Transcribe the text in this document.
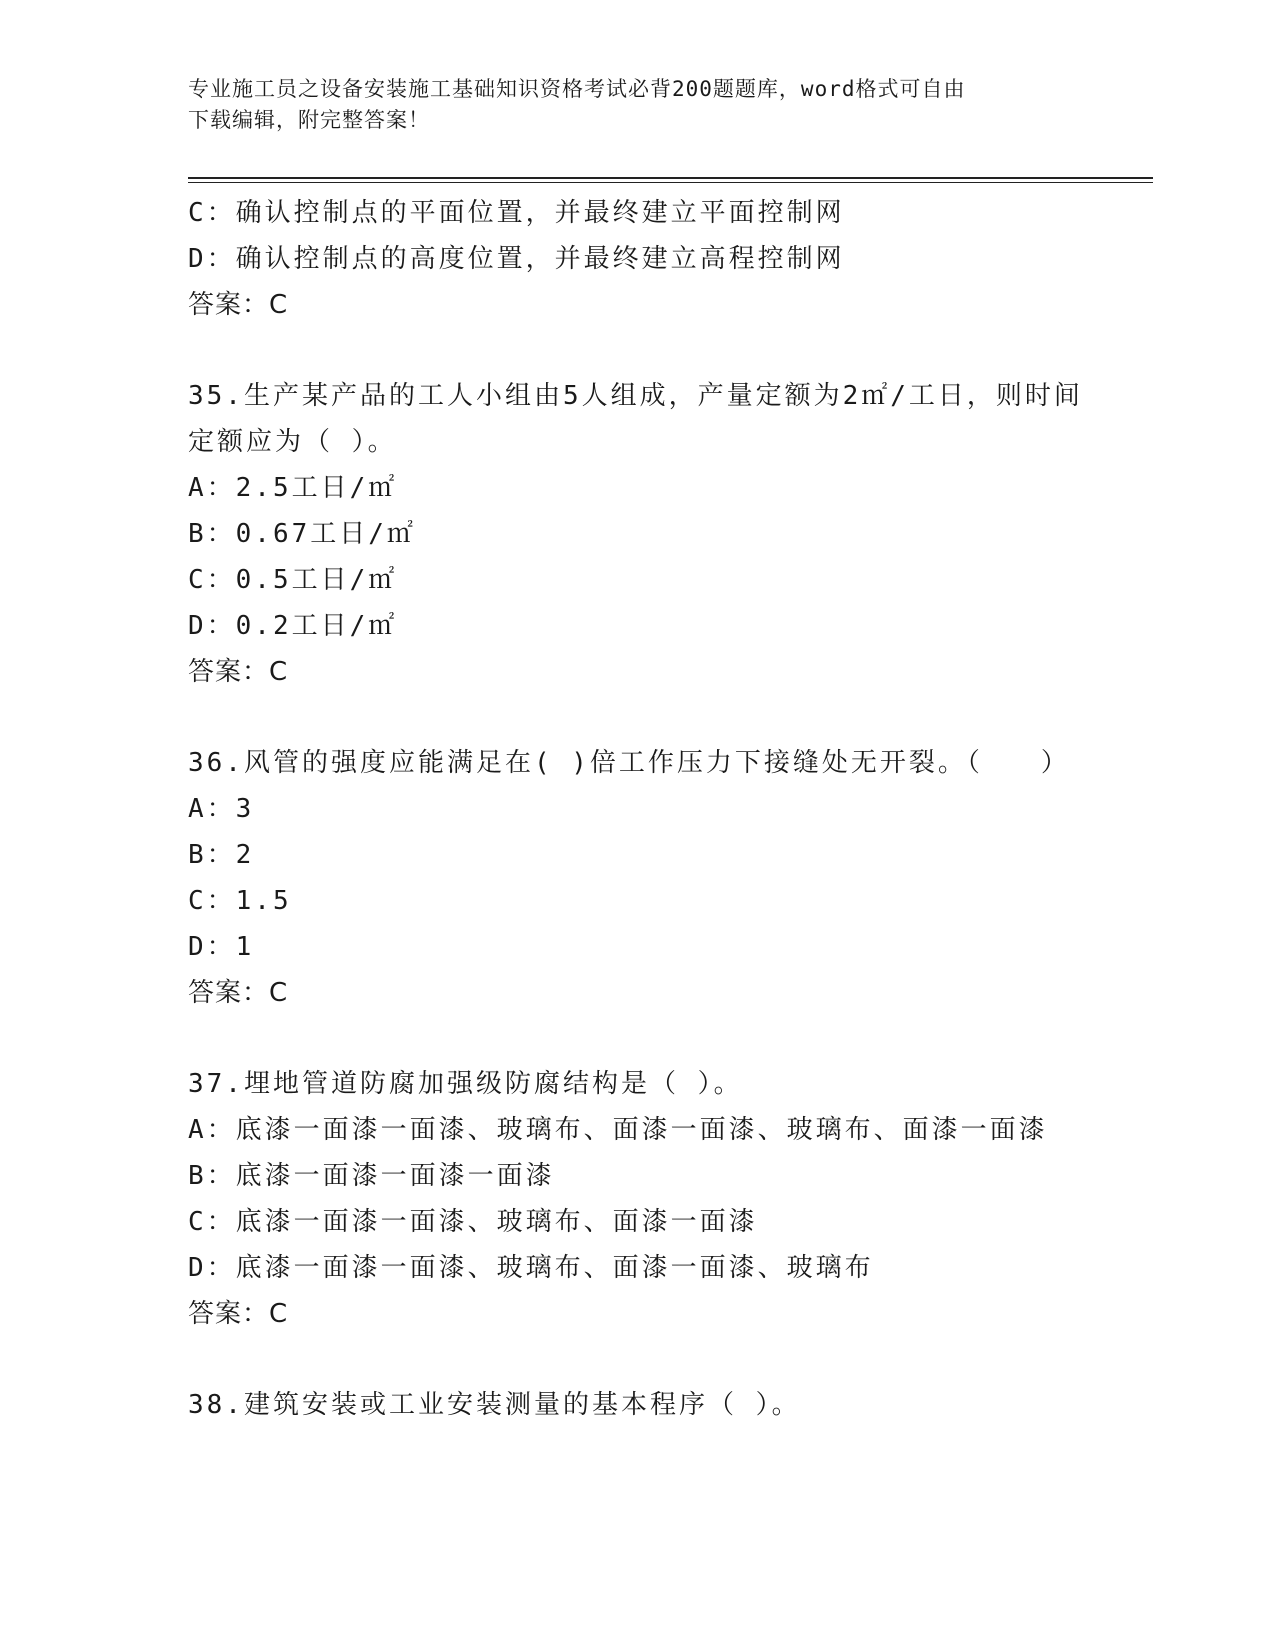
专业施工员之设备安装施工基础知识资格考试必背200题题库，word格式可自由
下载编辑，附完整答案！
C：确认控制点的平面位置，并最终建立平面控制网
D：确认控制点的高度位置，并最终建立高程控制网
答案：C
35.生产某产品的工人小组由5人组成，产量定额为2㎡/工日，则时间
定额应为（ ）。
A：2.5工日/㎡
B：0.67工日/㎡
C：0.5工日/㎡
D：0.2工日/㎡
答案：C
36.风管的强度应能满足在( )倍工作压力下接缝处无开裂。（　　）
A：3
B：2
C：1.5
D：1
答案：C
37.埋地管道防腐加强级防腐结构是（ ）。
A：底漆一面漆一面漆、玻璃布、面漆一面漆、玻璃布、面漆一面漆
B：底漆一面漆一面漆一面漆
C：底漆一面漆一面漆、玻璃布、面漆一面漆
D：底漆一面漆一面漆、玻璃布、面漆一面漆、玻璃布
答案：C
38.建筑安装或工业安装测量的基本程序（ ）。
